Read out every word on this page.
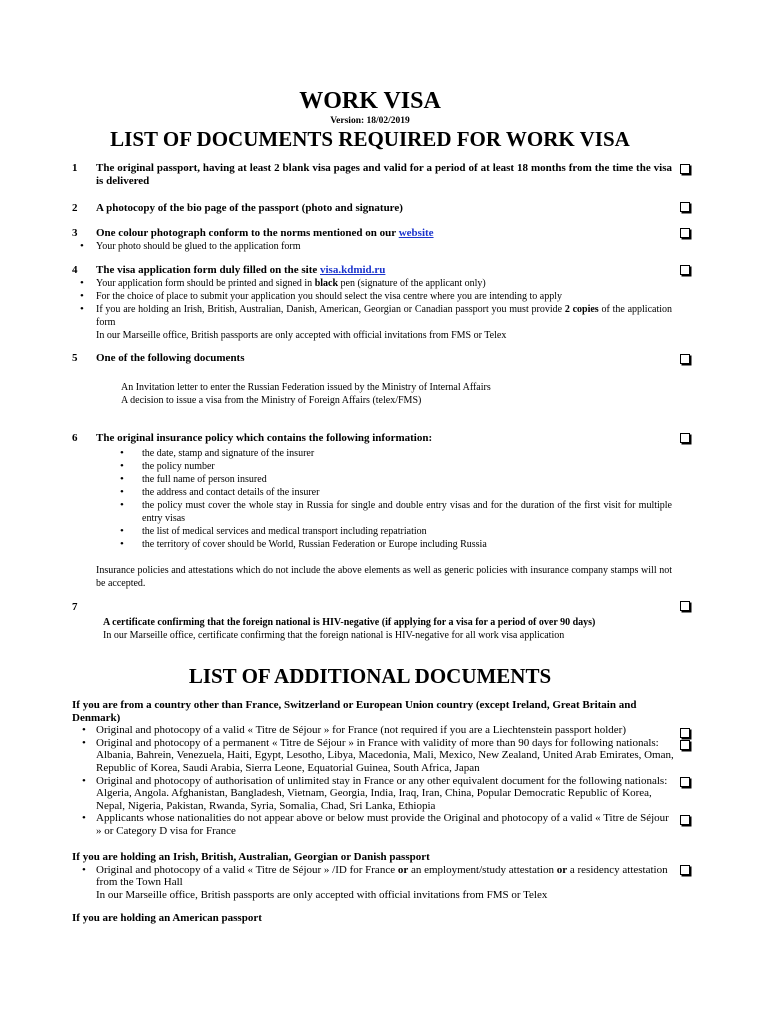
WORK VISA
Version: 18/02/2019
LIST OF DOCUMENTS REQUIRED FOR WORK VISA
1 The original passport, having at least 2 blank visa pages and valid for a period of at least 18 months from the time the visa is delivered
2 A photocopy of the bio page of the passport (photo and signature)
3 One colour photograph conform to the norms mentioned on our website
• Your photo should be glued to the application form
4 The visa application form duly filled on the site visa.kdmid.ru
• Your application form should be printed and signed in black pen (signature of the applicant only)
• For the choice of place to submit your application you should select the visa centre where you are intending to apply
• If you are holding an Irish, British, Australian, Danish, American, Georgian or Canadian passport you must provide 2 copies of the application form
In our Marseille office, British passports are only accepted with official invitations from FMS or Telex
5 One of the following documents
An Invitation letter to enter the Russian Federation issued by the Ministry of Internal Affairs
A decision to issue a visa from the Ministry of Foreign Affairs (telex/FMS)
6 The original insurance policy which contains the following information:
• the date, stamp and signature of the insurer
• the policy number
• the full name of person insured
• the address and contact details of the insurer
• the policy must cover the whole stay in Russia for single and double entry visas and for the duration of the first visit for multiple entry visas
• the list of medical services and medical transport including repatriation
• the territory of cover should be World, Russian Federation or Europe including Russia
Insurance policies and attestations which do not include the above elements as well as generic policies with insurance company stamps will not be accepted.
7
A certificate confirming that the foreign national is HIV-negative (if applying for a visa for a period of over 90 days)
In our Marseille office, certificate confirming that the foreign national is HIV-negative for all work visa application
LIST OF ADDITIONAL DOCUMENTS
If you are from a country other than France, Switzerland or European Union country (except Ireland, Great Britain and Denmark)
• Original and photocopy of a valid « Titre de Séjour » for France (not required if you are a Liechtenstein passport holder)
• Original and photocopy of a permanent « Titre de Séjour » in France with validity of more than 90 days for following nationals: Albania, Bahrein, Venezuela, Haiti, Egypt, Lesotho, Libya, Macedonia, Mali, Mexico, New Zealand, United Arab Emirates, Oman, Republic of Korea, Saudi Arabia, Sierra Leone, Equatorial Guinea, South Africa, Japan
• Original and photocopy of authorisation of unlimited stay in France or any other equivalent document for the following nationals: Algeria, Angola. Afghanistan, Bangladesh, Vietnam, Georgia, India, Iraq, Iran, China, Popular Democratic Republic of Korea, Nepal, Nigeria, Pakistan, Rwanda, Syria, Somalia, Chad, Sri Lanka, Ethiopia
• Applicants whose nationalities do not appear above or below must provide the Original and photocopy of a valid « Titre de Séjour » or Category D visa for France
If you are holding an Irish, British, Australian, Georgian or Danish passport
• Original and photocopy of a valid « Titre de Séjour » /ID for France or an employment/study attestation or a residency attestation from the Town Hall
In our Marseille office, British passports are only accepted with official invitations from FMS or Telex
If you are holding an American passport
